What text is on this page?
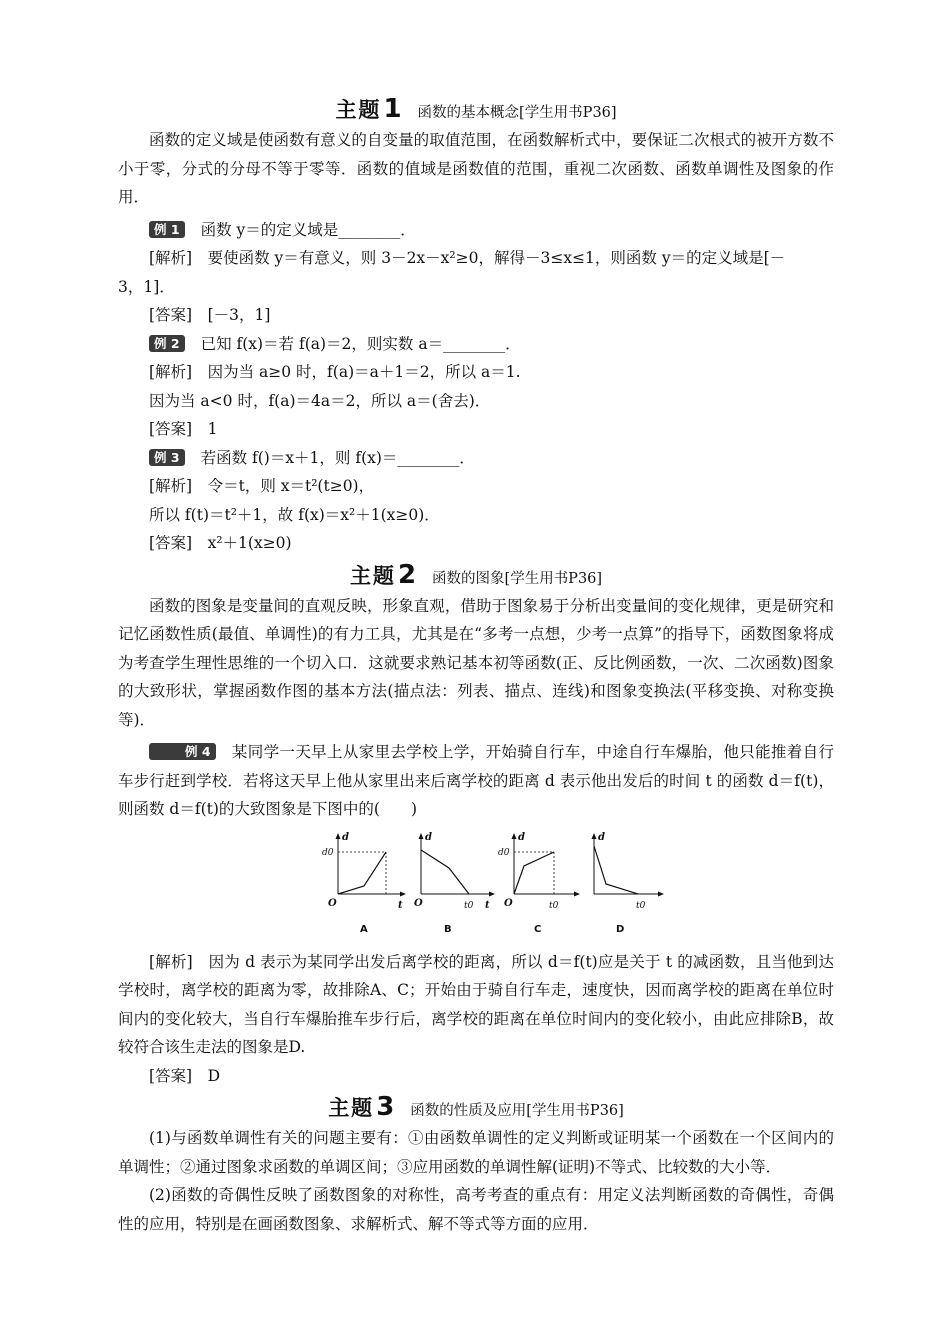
主题1 函数的基本概念[学生用书P36]

函数的定义域是使函数有意义的自变量的取值范围，在函数解析式中，要保证二次根式的被开方数不小于零，分式的分母不等于零等．函数的值域是函数值的范围，重视二次函数、函数单调性及图象的作用．

例 1 函数 y＝的定义域是________．

[解析]　要使函数 y＝有意义，则 3－2x－x²≥0，解得－3≤x≤1，则函数 y＝的定义域是[－

3，1]．

[答案]　[－3，1]

例 2 已知 f(x)＝若 f(a)＝2，则实数 a＝________．

[解析]　因为当 a≥0 时，f(a)＝a＋1＝2，所以 a＝1.

因为当 a<0 时，f(a)＝4a＝2，所以 a＝(舍去)．

[答案]　1

例 3 若函数 f()＝x＋1，则 f(x)＝________．

[解析]　令＝t，则 x＝t²(t≥0)，

所以 f(t)＝t²＋1，故 f(x)＝x²＋1(x≥0)．

[答案]　x²＋1(x≥0)

主题2 函数的图象[学生用书P36]

函数的图象是变量间的直观反映，形象直观，借助于图象易于分析出变量间的变化规律，更是研究和记忆函数性质(最值、单调性)的有力工具，尤其是在“多考一点想，少考一点算”的指导下，函数图象将成为考查学生理性思维的一个切入口．这就要求熟记基本初等函数(正、反比例函数，一次、二次函数)图象的大致形状，掌握函数作图的基本方法(描点法：列表、描点、连线)和图象变换法(平移变换、对称变换等)．

例 4 某同学一天早上从家里去学校上学，开始骑自行车，中途自行车爆胎，他只能推着自行车步行赶到学校．若将这天早上他从家里出来后离学校的距离 d 表示他出发后的时间 t 的函数 d＝f(t)，则函数 d＝f(t)的大致图象是下图中的(　　)

d
d0
O	t
A
d
O	t0 t
B
d
d0
O	t0
C
d
t0
D

[解析]　因为 d 表示为某同学出发后离学校的距离，所以 d＝f(t)应是关于 t 的减函数，且当他到达学校时，离学校的距离为零，故排除A、C；开始由于骑自行车走，速度快，因而离学校的距离在单位时间内的变化较大，当自行车爆胎推车步行后，离学校的距离在单位时间内的变化较小，由此应排除B，故较符合该生走法的图象是D.

[答案]　D

主题3 函数的性质及应用[学生用书P36]

(1)与函数单调性有关的问题主要有：①由函数单调性的定义判断或证明某一个函数在一个区间内的单调性；②通过图象求函数的单调区间；③应用函数的单调性解(证明)不等式、比较数的大小等．

(2)函数的奇偶性反映了函数图象的对称性，高考考查的重点有：用定义法判断函数的奇偶性，奇偶性的应用，特别是在画函数图象、求解析式、解不等式等方面的应用．
